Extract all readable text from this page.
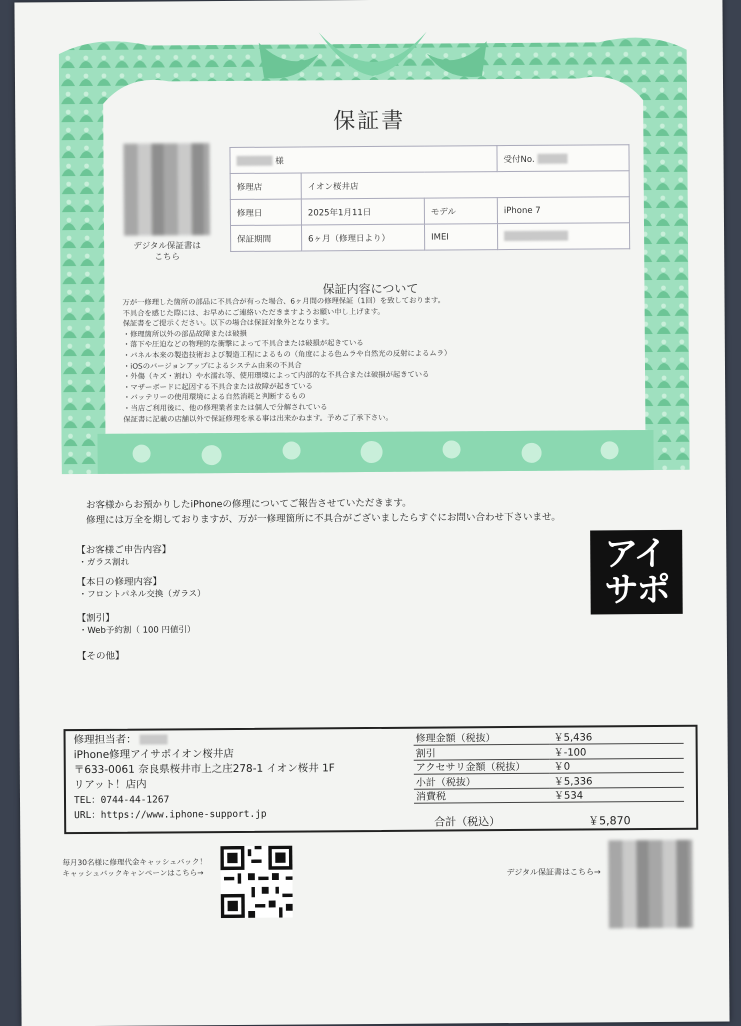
保証書
デジタル保証書は
こちら
様			受付No.
修理店	イオン桜井店		
修理日	2025年1月11日	モデル	iPhone 7
保証期間	6ヶ月（修理日より）	IMEI	
保証内容について
万が一修理した箇所の部品に不具合が有った場合、6ヶ月間の修理保証（1回）を致しております。
不具合を感じた際には、お早めにご連絡いただきますようお願い申し上げます。
保証書をご提示ください。以下の場合は保証対象外となります。
・修理箇所以外の部品故障または破損
・落下や圧迫などの物理的な衝撃によって不具合または破損が起きている
・パネル本来の製造技術および製造工程によるもの（角度による色ムラや自然光の反射によるムラ）
・iOSのバージョンアップによるシステム由来の不具合
・外傷（キズ・割れ）や水濡れ等、使用環境によって内部的な不具合または破損が起きている
・マザーボードに起因する不具合または故障が起きている
・バッテリーの使用環境による自然消耗と判断するもの
・当店ご利用後に、他の修理業者または個人で分解されている
保証書に記載の店舗以外で保証修理を承る事は出来かねます。予めご了承下さい。
お客様からお預かりしたiPhoneの修理についてご報告させていただきます。
修理には万全を期しておりますが、万が一修理箇所に不具合がございましたらすぐにお問い合わせ下さいませ。
【お客様ご申告内容】
・ガラス割れ
【本日の修理内容】
・フロントパネル交換（ガラス）
【割引】
・Web予約割（ 100 円値引）
【その他】
アイ
サポ
修理担当者：
iPhone修理アイサポイオン桜井店
〒633-0061 奈良県桜井市上之庄278-1 イオン桜井 1F
リアット！店内
TEL：0744-44-1267
URL：https://www.iphone-support.jp
修理金額（税抜）	￥5,436
割引	￥-100
アクセサリ金額（税抜）	￥0
小計（税抜）	￥5,336
消費税	￥534
合計（税込）	￥5,870
毎月30名様に修理代金キャッシュバック！
キャッシュバックキャンペーンはこちら→	デジタル保証書はこちら→
